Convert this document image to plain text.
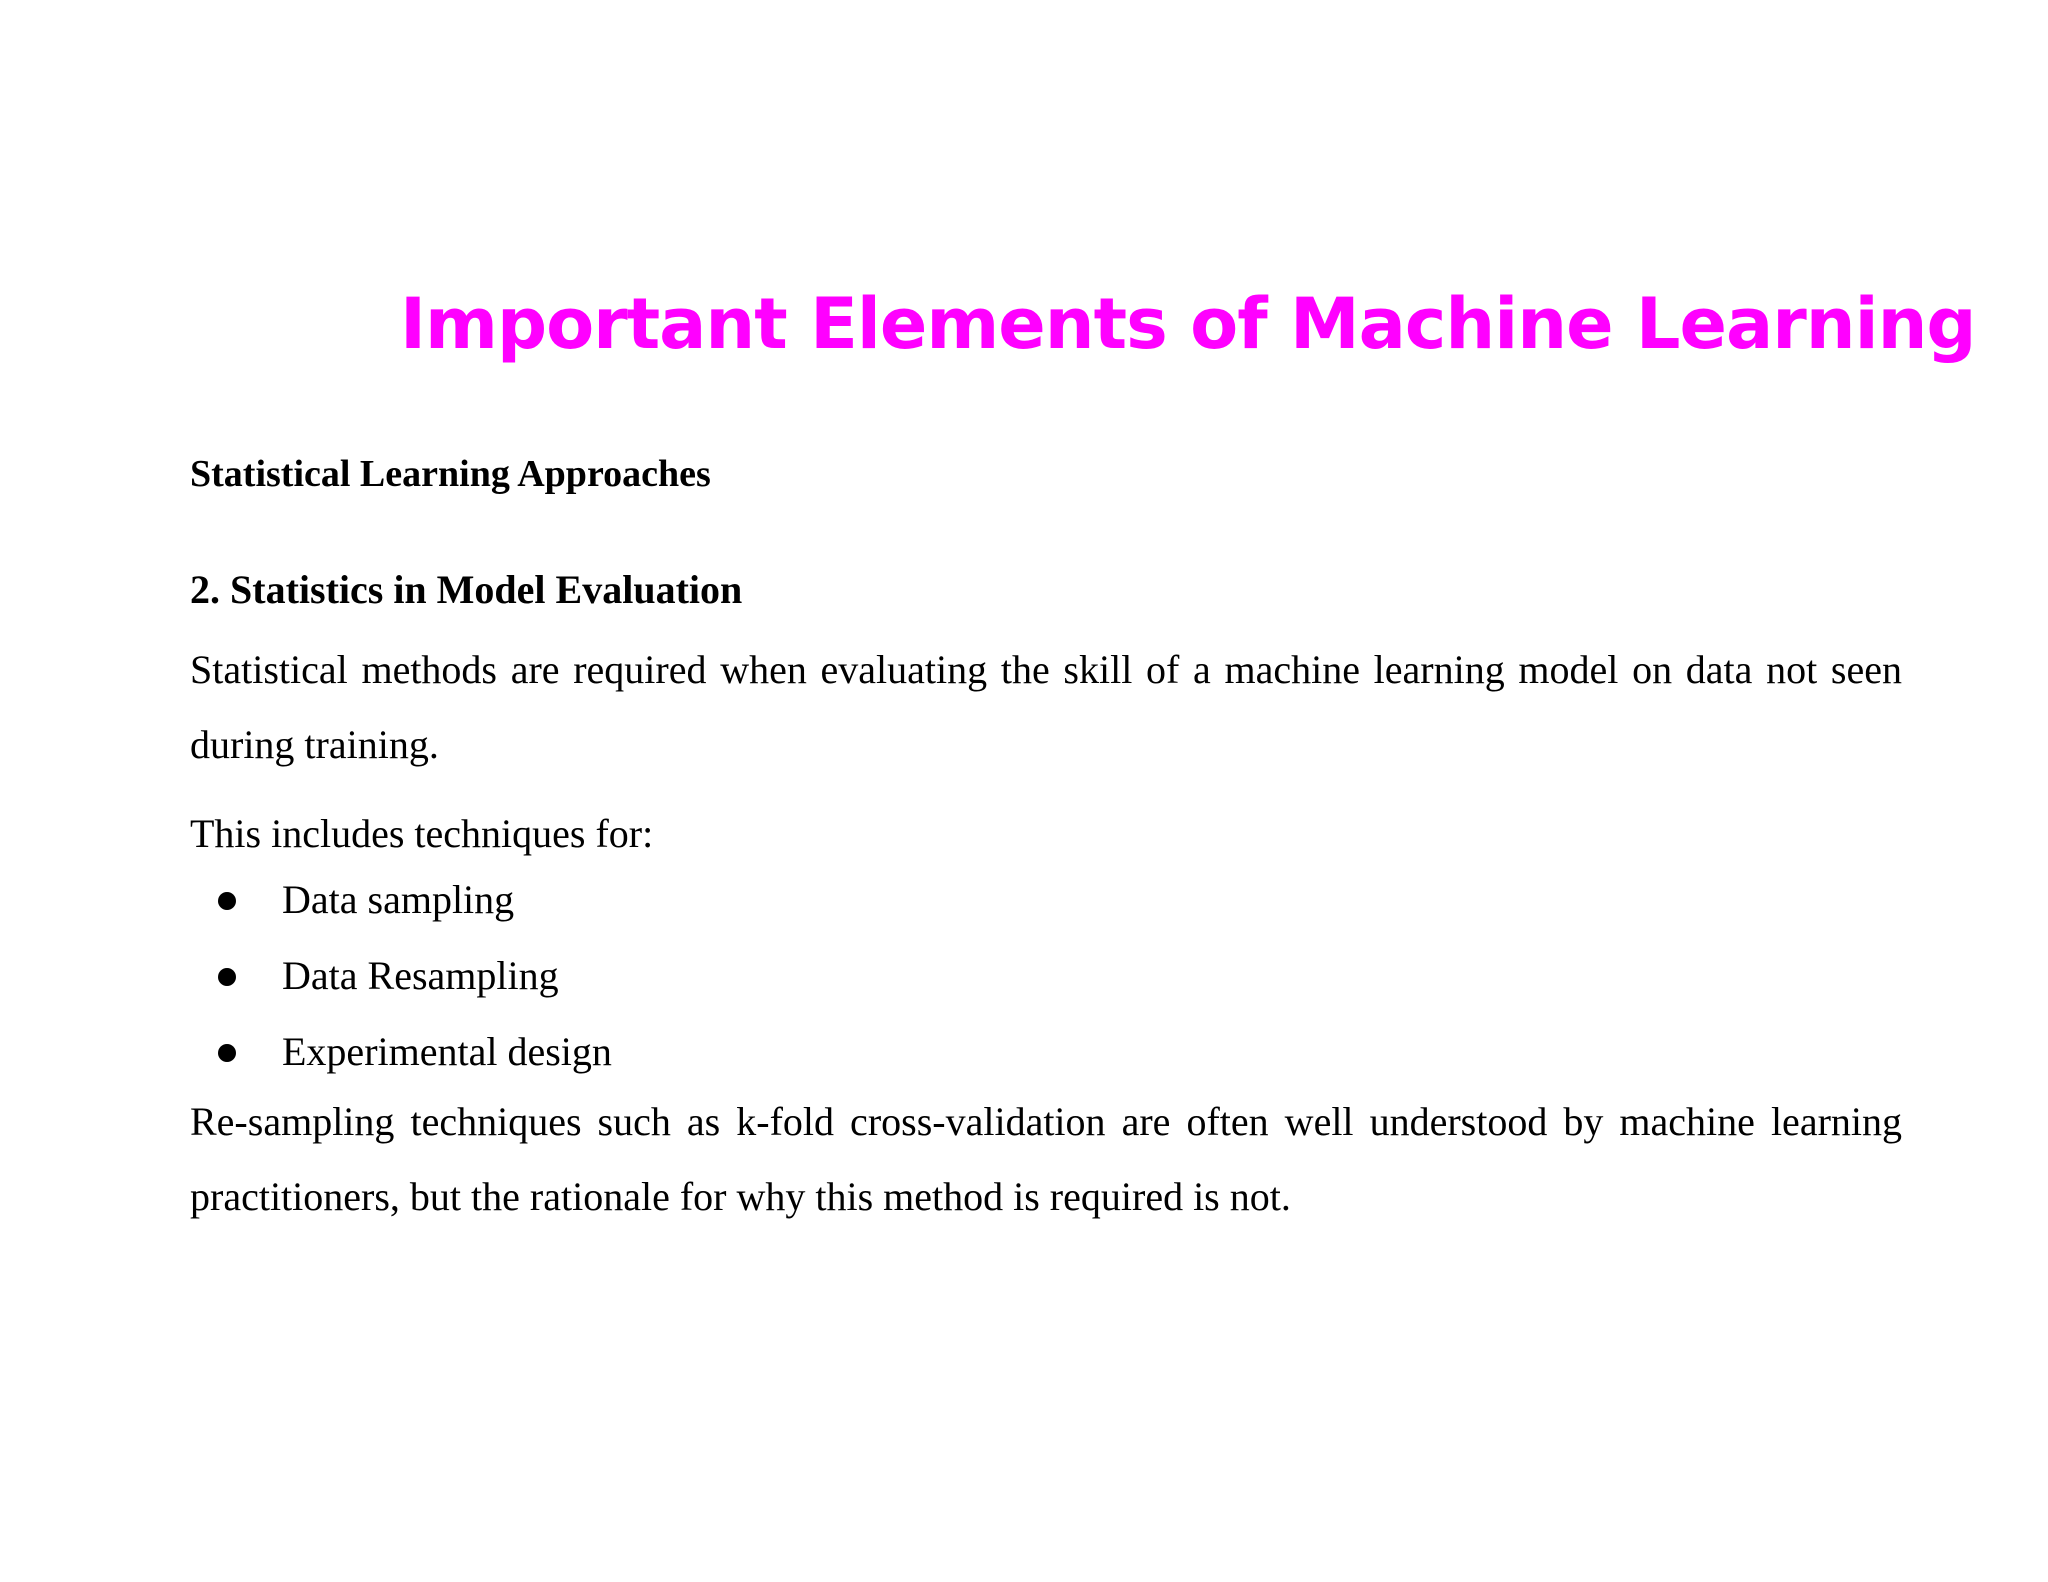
Important Elements of Machine Learning
Statistical Learning Approaches
2. Statistics in Model Evaluation

Statistical methods are required when evaluating the skill of a machine learning model on data not seen during training.

This includes techniques for:

Data sampling
Data Resampling
Experimental design

Re-sampling techniques such as k-fold cross-validation are often well understood by machine learning practitioners, but the rationale for why this method is required is not.
